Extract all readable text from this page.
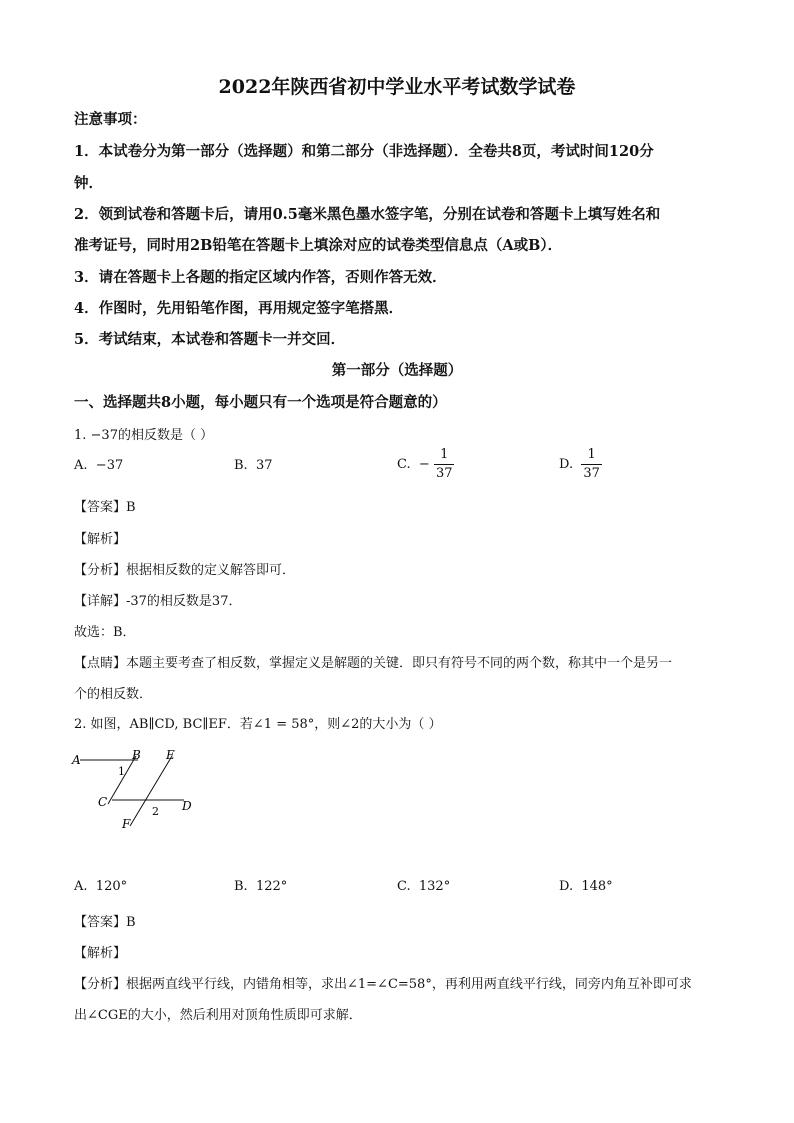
2022年陕西省初中学业水平考试数学试卷
注意事项：
1．本试卷分为第一部分（选择题）和第二部分（非选择题）．全卷共8页，考试时间120分
钟．
2．领到试卷和答题卡后，请用0.5毫米黑色墨水签字笔，分别在试卷和答题卡上填写姓名和
准考证号，同时用2B铅笔在答题卡上填涂对应的试卷类型信息点（A或B）．
3．请在答题卡上各题的指定区域内作答，否则作答无效．
4．作图时，先用铅笔作图，再用规定签字笔搭黑．
5．考试结束，本试卷和答题卡一并交回．
第一部分（选择题）
一、选择题共8小题，每小题只有一个选项是符合题意的）
1. −37的相反数是（ ）
A. −37	B. 37	C. − $\frac{1}{37}$	D. $\frac{1}{37}$
【答案】B
【解析】
【分析】根据相反数的定义解答即可．
【详解】-37的相反数是37．
故选：B．
【点睛】本题主要考查了相反数，掌握定义是解题的关键．即只有符号不同的两个数，称其中一个是另一
个的相反数．
2. 如图，AB∥CD, BC∥EF．若∠1 = 58°，则∠2的大小为（ ）
A	B E
1
C	D
2
F
A. 120°	B. 122°	C. 132°	D. 148°
【答案】B
【解析】
【分析】根据两直线平行线，内错角相等，求出∠1=∠C=58°，再利用两直线平行线，同旁内角互补即可求
出∠CGE的大小，然后利用对顶角性质即可求解．
